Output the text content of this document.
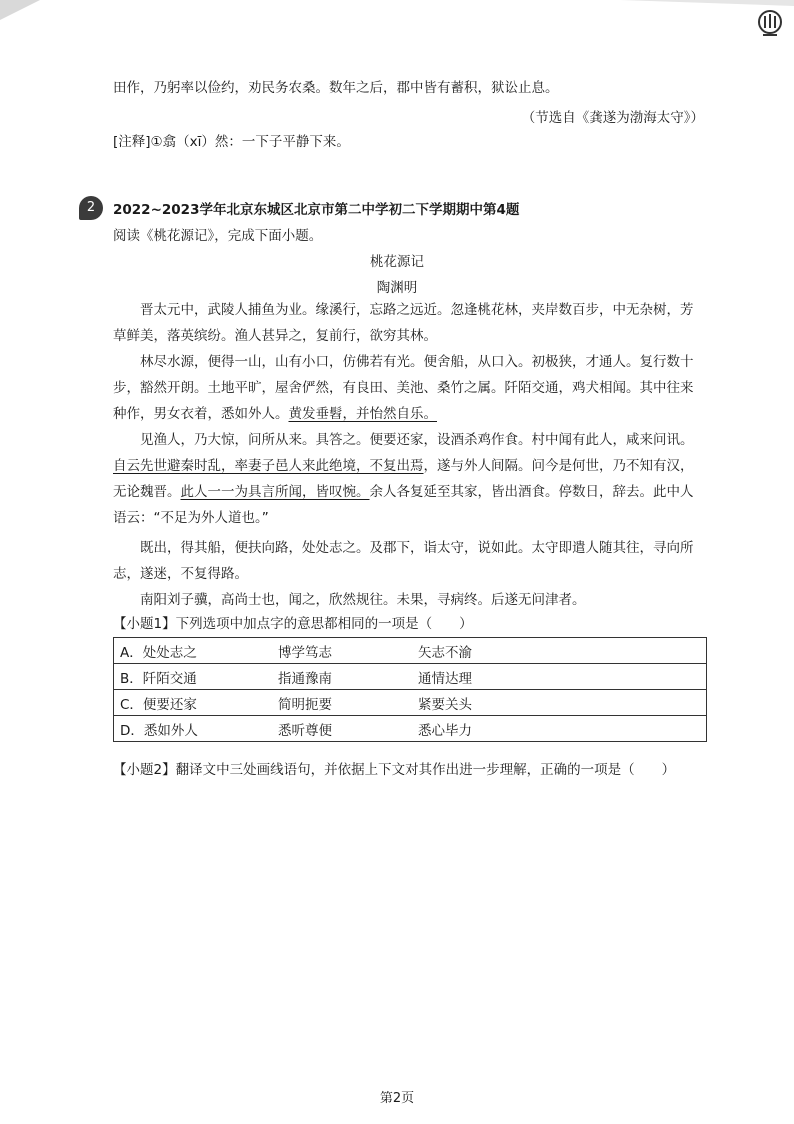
田作，乃躬率以俭约，劝民务农桑。数年之后，郡中皆有蓄积，狱讼止息。
（节选自《龚遂为渤海太守》）
[注释]①翕（xī）然：一下子平静下来。
2	2022~2023学年北京东城区北京市第二中学初二下学期期中第4题
阅读《桃花源记》，完成下面小题。
桃花源记
陶渊明
晋太元中，武陵人捕鱼为业。缘溪行，忘路之远近。忽逢桃花林，夹岸数百步，中无杂树，芳草鲜美，落英缤纷。渔人甚异之，复前行，欲穷其林。
林尽水源，便得一山，山有小口，仿佛若有光。便舍船，从口入。初极狭，才通人。复行数十步，豁然开朗。土地平旷，屋舍俨然，有良田、美池、桑竹之属。阡陌交通，鸡犬相闻。其中往来种作，男女衣着，悉如外人。黄发垂髫，并怡然自乐。
见渔人，乃大惊，问所从来。具答之。便要还家，设酒杀鸡作食。村中闻有此人，咸来问讯。自云先世避秦时乱，率妻子邑人来此绝境，不复出焉，遂与外人间隔。问今是何世，乃不知有汉，无论魏晋。此人一一为具言所闻，皆叹惋。余人各复延至其家，皆出酒食。停数日，辞去。此中人语云：“不足为外人道也。”
既出，得其船，便扶向路，处处志之。及郡下，诣太守，说如此。太守即遣人随其往，寻向所志，遂迷，不复得路。
南阳刘子骥，高尚士也，闻之，欣然规往。未果，寻病终。后遂无问津者。
【小题1】下列选项中加点字的意思都相同的一项是（　　）
A．处处志之	博学笃志	矢志不渝
B．阡陌交通	指通豫南	通情达理
C．便要还家	简明扼要	紧要关头
D．悉如外人	悉听尊便	悉心毕力
【小题2】翻译文中三处画线语句，并依据上下文对其作出进一步理解，正确的一项是（　　）
第2页
